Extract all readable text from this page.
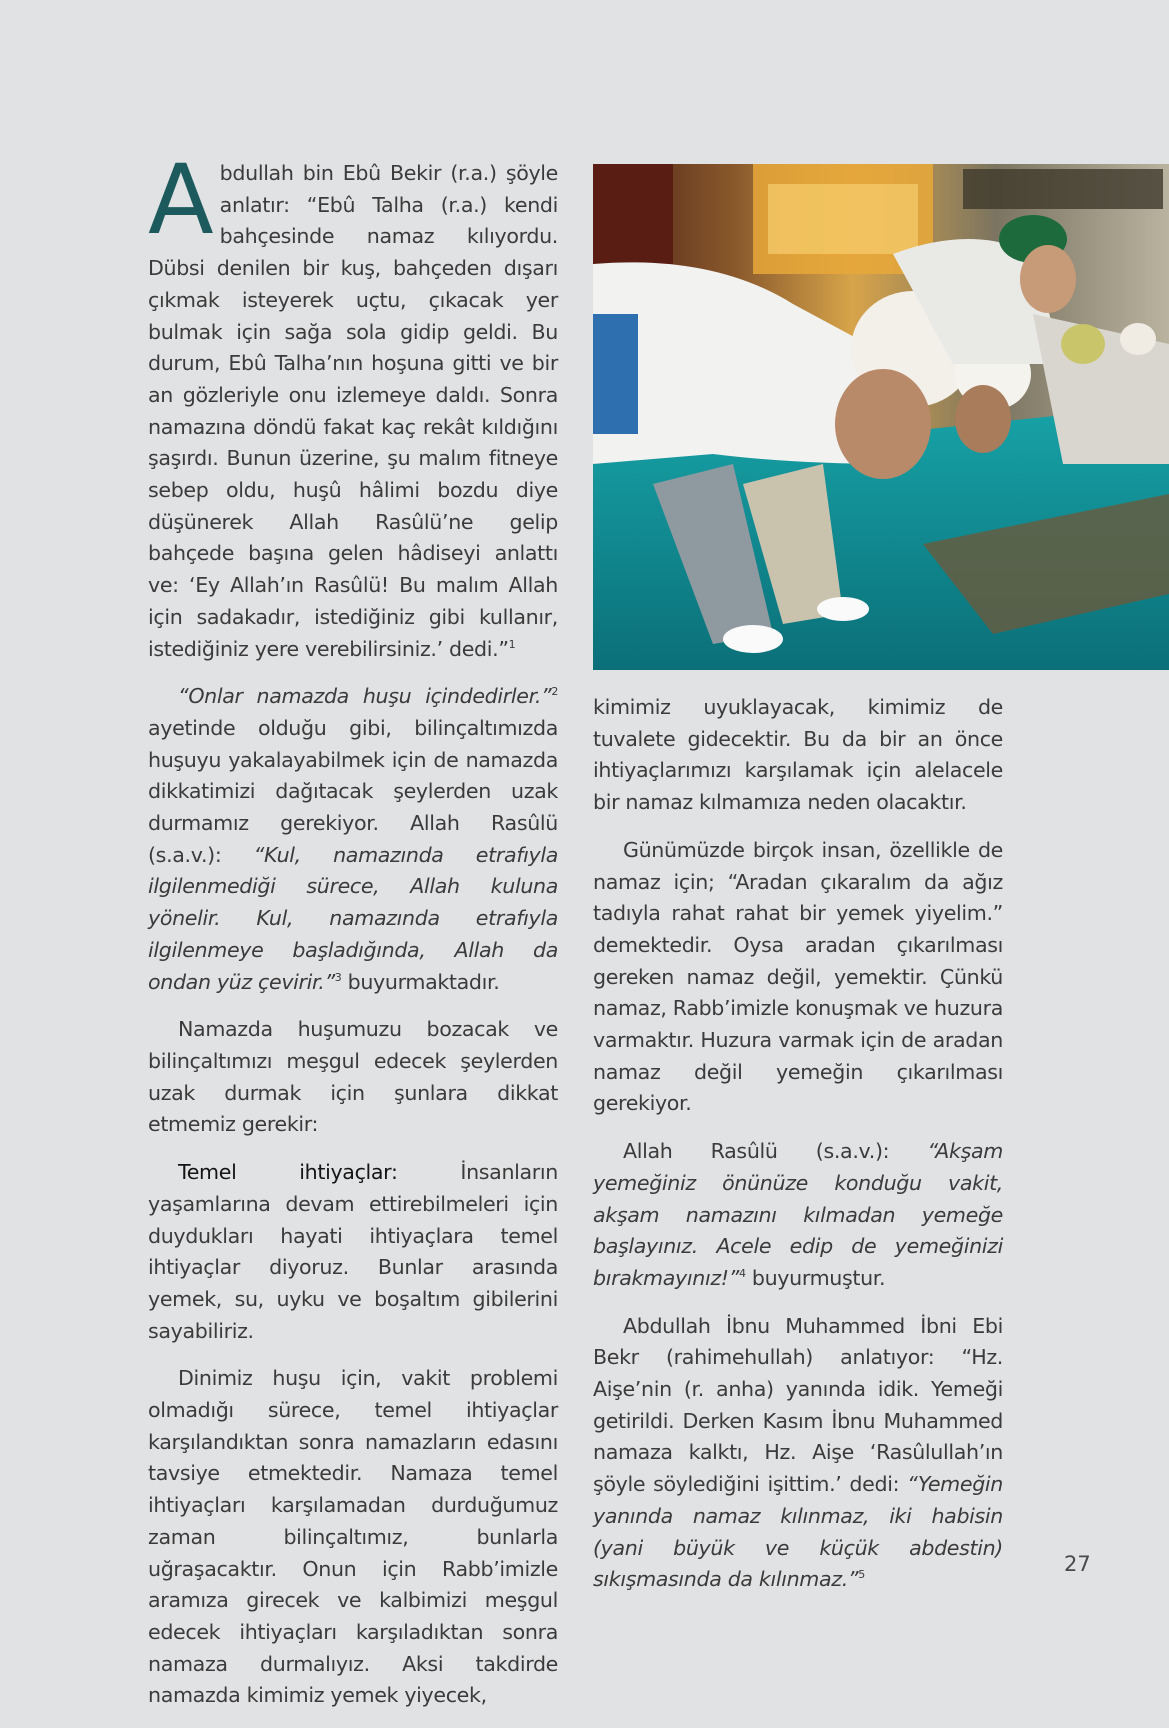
Abdullah bin Ebû Bekir (r.a.) şöyle anlatır: “Ebû Talha (r.a.) kendi bahçesinde namaz kılıyordu. Dübsi denilen bir kuş, bahçeden dışarı çıkmak isteyerek uçtu, çıkacak yer bulmak için sağa sola gidip geldi. Bu durum, Ebû Talha’nın hoşuna gitti ve bir an gözleriyle onu izlemeye daldı. Sonra namazına döndü fakat kaç rekât kıldığını şaşırdı. Bunun üzerine, şu malım fitneye sebep oldu, huşû hâlimi bozdu diye düşünerek Allah Rasûlü’ne gelip bahçede başına gelen hâdiseyi anlattı ve: ‘Ey Allah’ın Rasûlü! Bu malım Allah için sadakadır, istediğiniz gibi kullanır, istediğiniz yere verebilirsiniz.’ dedi.”$^1$

“Onlar namazda huşu içindedirler.”$^2$ ayetinde olduğu gibi, bilinçaltımızda huşuyu yakalayabilmek için de namazda dikkatimizi dağıtacak şeylerden uzak durmamız gerekiyor. Allah Rasûlü (s.a.v.): “Kul, namazında etrafıyla ilgilenmediği sürece, Allah kuluna yönelir. Kul, namazında etrafıyla ilgilenmeye başladığında, Allah da ondan yüz çevirir.”$^3$ buyurmaktadır.

Namazda huşumuzu bozacak ve bilinçaltımızı meşgul edecek şeylerden uzak durmak için şunlara dikkat etmemiz gerekir:

Temel ihtiyaçlar: İnsanların yaşamlarına devam ettirebilmeleri için duydukları hayati ihtiyaçlara temel ihtiyaçlar diyoruz. Bunlar arasında yemek, su, uyku ve boşaltım gibilerini sayabiliriz.

Dinimiz huşu için, vakit problemi olmadığı sürece, temel ihtiyaçlar karşılandıktan sonra namazların edasını tavsiye etmektedir. Namaza temel ihtiyaçları karşılamadan durduğumuz zaman bilinçaltımız, bunlarla uğraşacaktır. Onun için Rabb’imizle aramıza girecek ve kalbimizi meşgul edecek ihtiyaçları karşıladıktan sonra namaza durmalıyız. Aksi takdirde namazda kimimiz yemek yiyecek,

kimimiz uyuklayacak, kimimiz de tuvalete gidecektir. Bu da bir an önce ihtiyaçlarımızı karşılamak için alelacele bir namaz kılmamıza neden olacaktır.

Günümüzde birçok insan, özellikle de namaz için; “Aradan çıkaralım da ağız tadıyla rahat rahat bir yemek yiyelim.” demektedir. Oysa aradan çıkarılması gereken namaz değil, yemektir. Çünkü namaz, Rabb’imizle konuşmak ve huzura varmaktır. Huzura varmak için de aradan namaz değil yemeğin çıkarılması gerekiyor.

Allah Rasûlü (s.a.v.): “Akşam yemeğiniz önünüze konduğu vakit, akşam namazını kılmadan yemeğe başlayınız. Acele edip de yemeğinizi bırakmayınız!”$^4$ buyurmuştur.

Abdullah İbnu Muhammed İbni Ebi Bekr (rahimehullah) anlatıyor: “Hz. Aişe’nin (r. anha) yanında idik. Yemeği getirildi. Derken Kasım İbnu Muhammed namaza kalktı, Hz. Aişe ‘Rasûlullah’ın şöyle söylediğini işittim.’ dedi: “Yemeğin yanında namaz kılınmaz, iki habisin (yani büyük ve küçük abdestin) sıkışmasında da kılınmaz.”$^5$	27
